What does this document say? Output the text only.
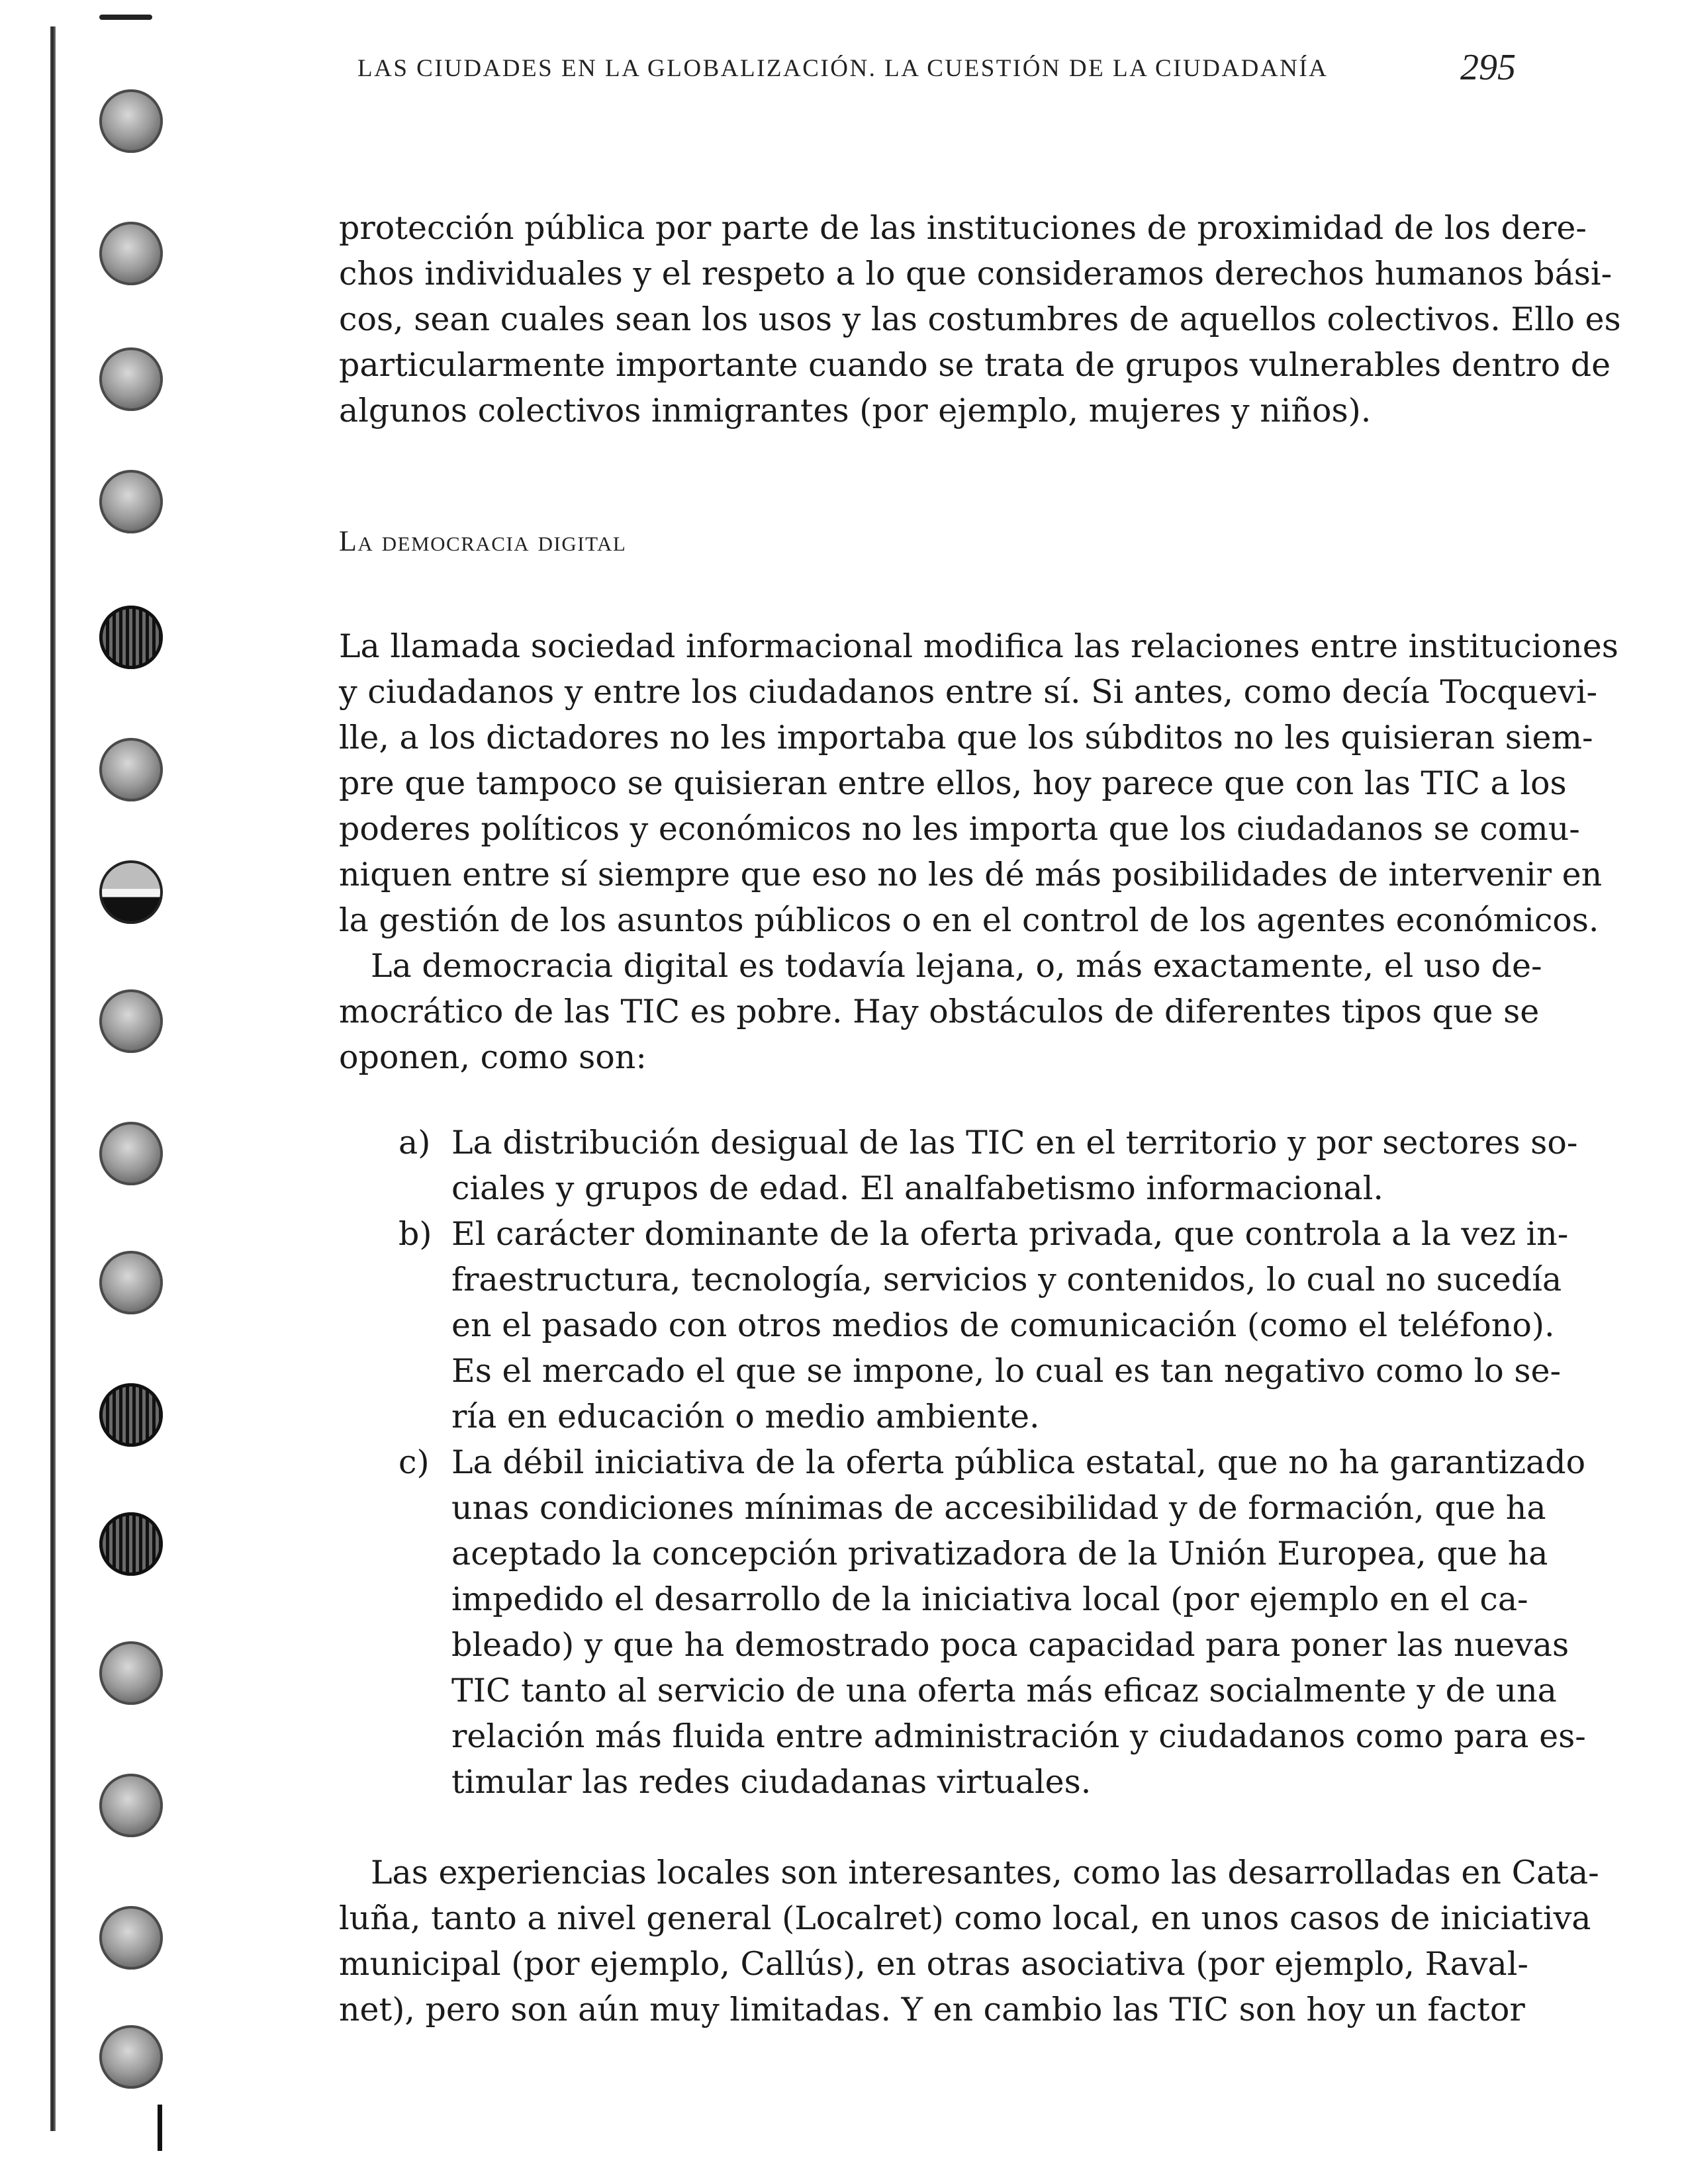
LAS CIUDADES EN LA GLOBALIZACIÓN. LA CUESTIÓN DE LA CIUDADANÍA	295
protección pública por parte de las instituciones de proximidad de los dere-
chos individuales y el respeto a lo que consideramos derechos humanos bási-
cos, sean cuales sean los usos y las costumbres de aquellos colectivos. Ello es
particularmente importante cuando se trata de grupos vulnerables dentro de
algunos colectivos inmigrantes (por ejemplo, mujeres y niños).
La democracia digital
La llamada sociedad informacional modifica las relaciones entre instituciones
y ciudadanos y entre los ciudadanos entre sí. Si antes, como decía Tocquevi-
lle, a los dictadores no les importaba que los súbditos no les quisieran siem-
pre que tampoco se quisieran entre ellos, hoy parece que con las TIC a los
poderes políticos y económicos no les importa que los ciudadanos se comu-
niquen entre sí siempre que eso no les dé más posibilidades de intervenir en
la gestión de los asuntos públicos o en el control de los agentes económicos.
La democracia digital es todavía lejana, o, más exactamente, el uso de-
mocrático de las TIC es pobre. Hay obstáculos de diferentes tipos que se
oponen, como son:
a) La distribución desigual de las TIC en el territorio y por sectores so-
ciales y grupos de edad. El analfabetismo informacional.
b) El carácter dominante de la oferta privada, que controla a la vez in-
fraestructura, tecnología, servicios y contenidos, lo cual no sucedía
en el pasado con otros medios de comunicación (como el teléfono).
Es el mercado el que se impone, lo cual es tan negativo como lo se-
ría en educación o medio ambiente.
c) La débil iniciativa de la oferta pública estatal, que no ha garantizado
unas condiciones mínimas de accesibilidad y de formación, que ha
aceptado la concepción privatizadora de la Unión Europea, que ha
impedido el desarrollo de la iniciativa local (por ejemplo en el ca-
bleado) y que ha demostrado poca capacidad para poner las nuevas
TIC tanto al servicio de una oferta más eficaz socialmente y de una
relación más fluida entre administración y ciudadanos como para es-
timular las redes ciudadanas virtuales.
Las experiencias locales son interesantes, como las desarrolladas en Cata-
luña, tanto a nivel general (Localret) como local, en unos casos de iniciativa
municipal (por ejemplo, Callús), en otras asociativa (por ejemplo, Raval-
net), pero son aún muy limitadas. Y en cambio las TIC son hoy un factor
